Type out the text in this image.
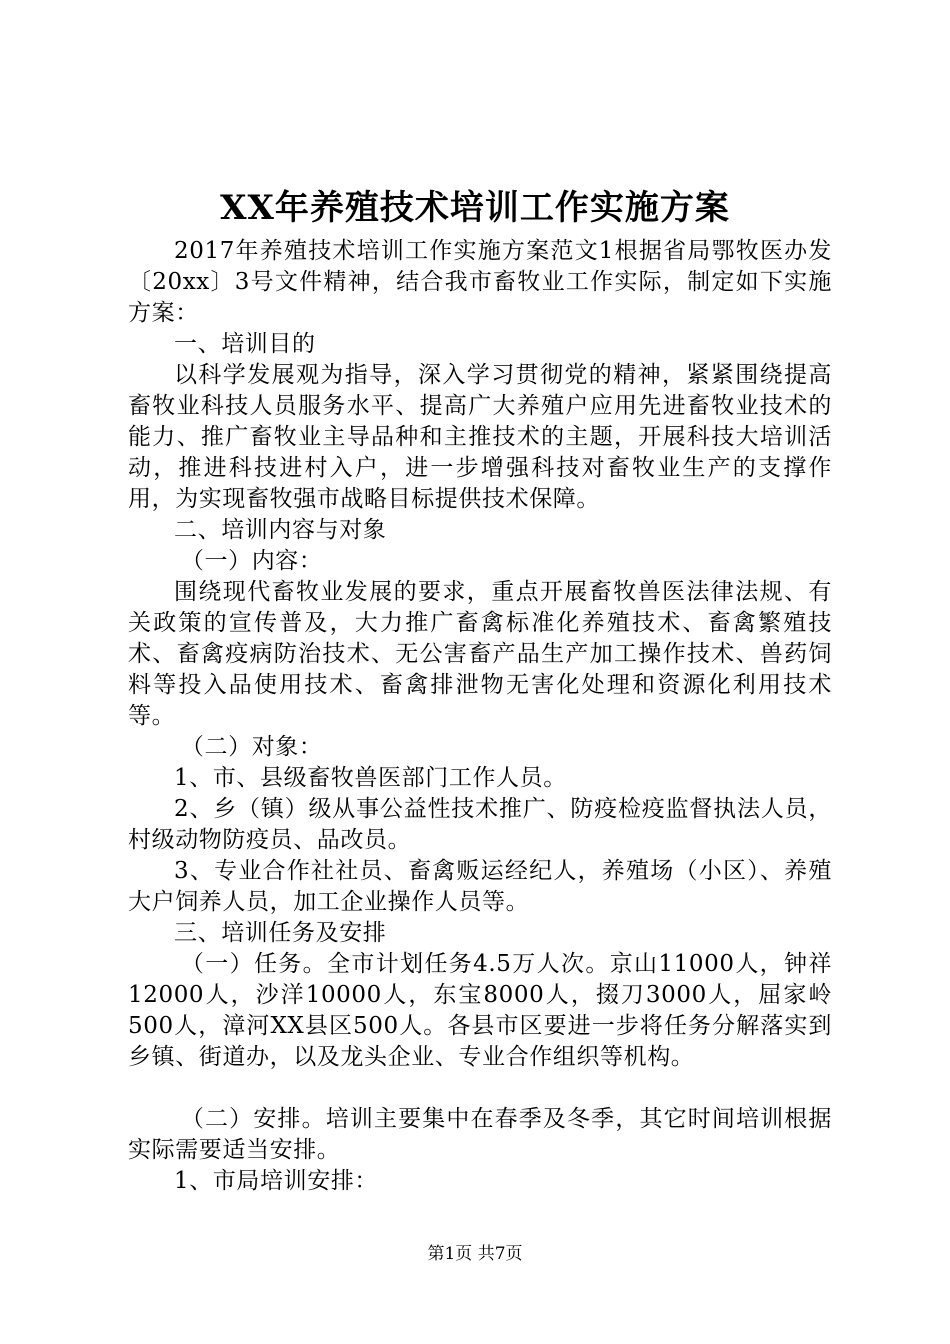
XX年养殖技术培训工作实施方案

2017年养殖技术培训工作实施方案范文1根据省局鄂牧医办发〔20xx〕3号文件精神，结合我市畜牧业工作实际，制定如下实施方案：

一、培训目的

以科学发展观为指导，深入学习贯彻党的精神，紧紧围绕提高畜牧业科技人员服务水平、提高广大养殖户应用先进畜牧业技术的能力、推广畜牧业主导品种和主推技术的主题，开展科技大培训活动，推进科技进村入户，进一步增强科技对畜牧业生产的支撑作用，为实现畜牧强市战略目标提供技术保障。

二、培训内容与对象

（一）内容：

围绕现代畜牧业发展的要求，重点开展畜牧兽医法律法规、有关政策的宣传普及，大力推广畜禽标准化养殖技术、畜禽繁殖技术、畜禽疫病防治技术、无公害畜产品生产加工操作技术、兽药饲料等投入品使用技术、畜禽排泄物无害化处理和资源化利用技术等。

（二）对象：

1、市、县级畜牧兽医部门工作人员。

2、乡（镇）级从事公益性技术推广、防疫检疫监督执法人员，村级动物防疫员、品改员。

3、专业合作社社员、畜禽贩运经纪人，养殖场（小区）、养殖大户饲养人员，加工企业操作人员等。

三、培训任务及安排

（一）任务。全市计划任务4.5万人次。京山11000人，钟祥12000人，沙洋10000人，东宝8000人，掇刀3000人，屈家岭500人，漳河XX县区500人。各县市区要进一步将任务分解落实到乡镇、街道办，以及龙头企业、专业合作组织等机构。

（二）安排。培训主要集中在春季及冬季，其它时间培训根据实际需要适当安排。

1、市局培训安排：

第1页 共7页
